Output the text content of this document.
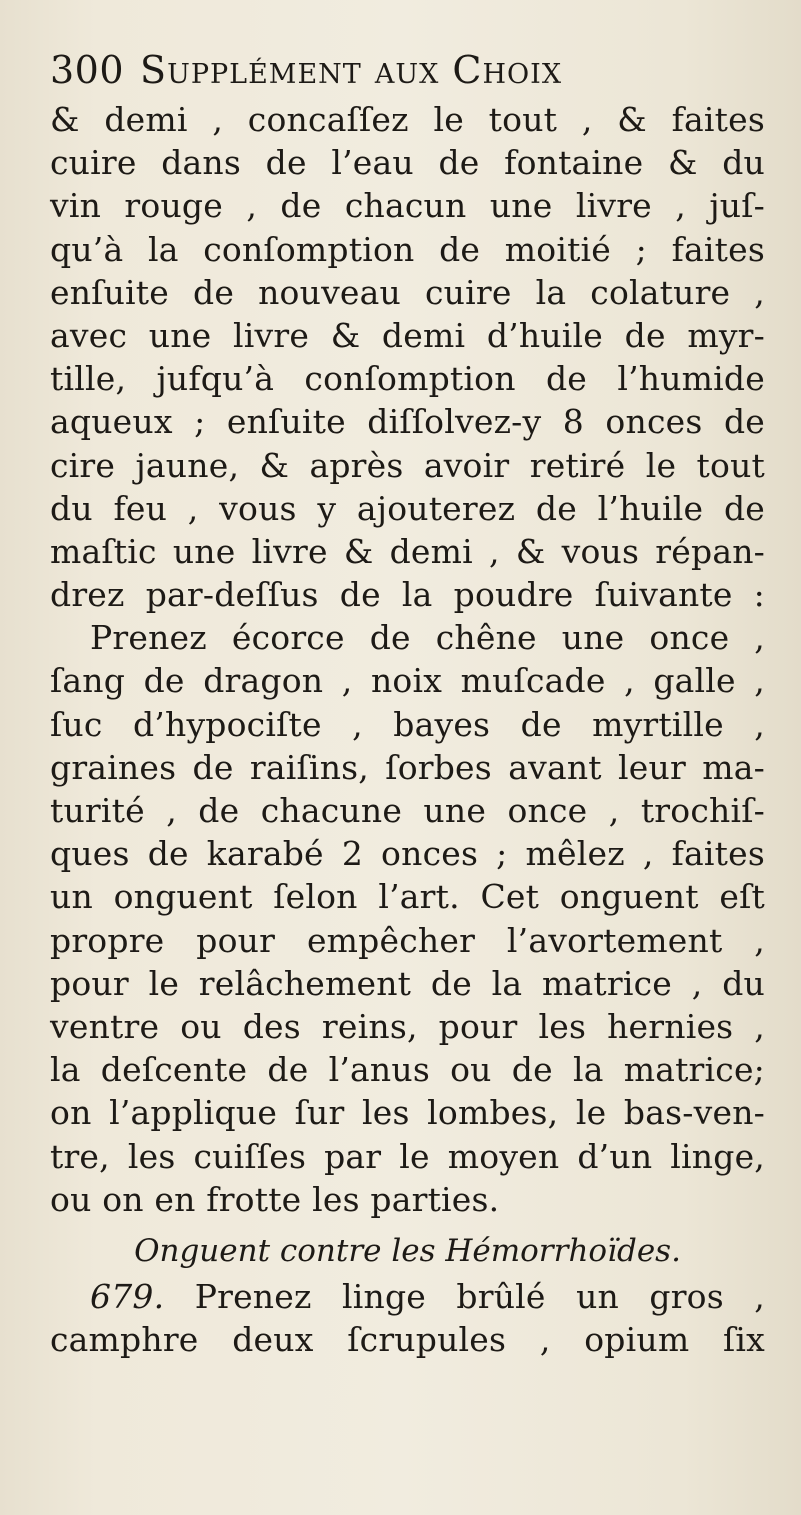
300 Supplément aux Choix
& demi , concaſſez le tout , & faites
cuire dans de l’eau de fontaine & du
vin rouge , de chacun une livre , juſ-
qu’à la conſomption de moitié ; faites
enſuite de nouveau cuire la colature ,
avec une livre & demi d’huile de myr-
tille, jufqu’à conſomption de l’humide
aqueux ; enſuite diſſolvez-y 8 onces de
cire jaune, & après avoir retiré le tout
du feu , vous y ajouterez de l’huile de
maſtic une livre & demi , & vous répan-
drez par-deſſus de la poudre ſuivante :
Prenez écorce de chêne une once ,
ſang de dragon , noix muſcade , galle ,
ſuc d’hypociſte , bayes de myrtille ,
graines de raiſins, ſorbes avant leur ma-
turité , de chacune une once , trochiſ-
ques de karabé 2 onces ; mêlez , faites
un onguent ſelon l’art. Cet onguent eſt
propre pour empêcher l’avortement ,
pour le relâchement de la matrice , du
ventre ou des reins, pour les hernies ,
la deſcente de l’anus ou de la matrice;
on l’applique ſur les lombes, le bas-ven-
tre, les cuiſſes par le moyen d’un linge,
ou on en frotte les parties.
Onguent contre les Hémorrhoïdes.
679. Prenez linge brûlé un gros ,
camphre deux ſcrupules , opium ſix
